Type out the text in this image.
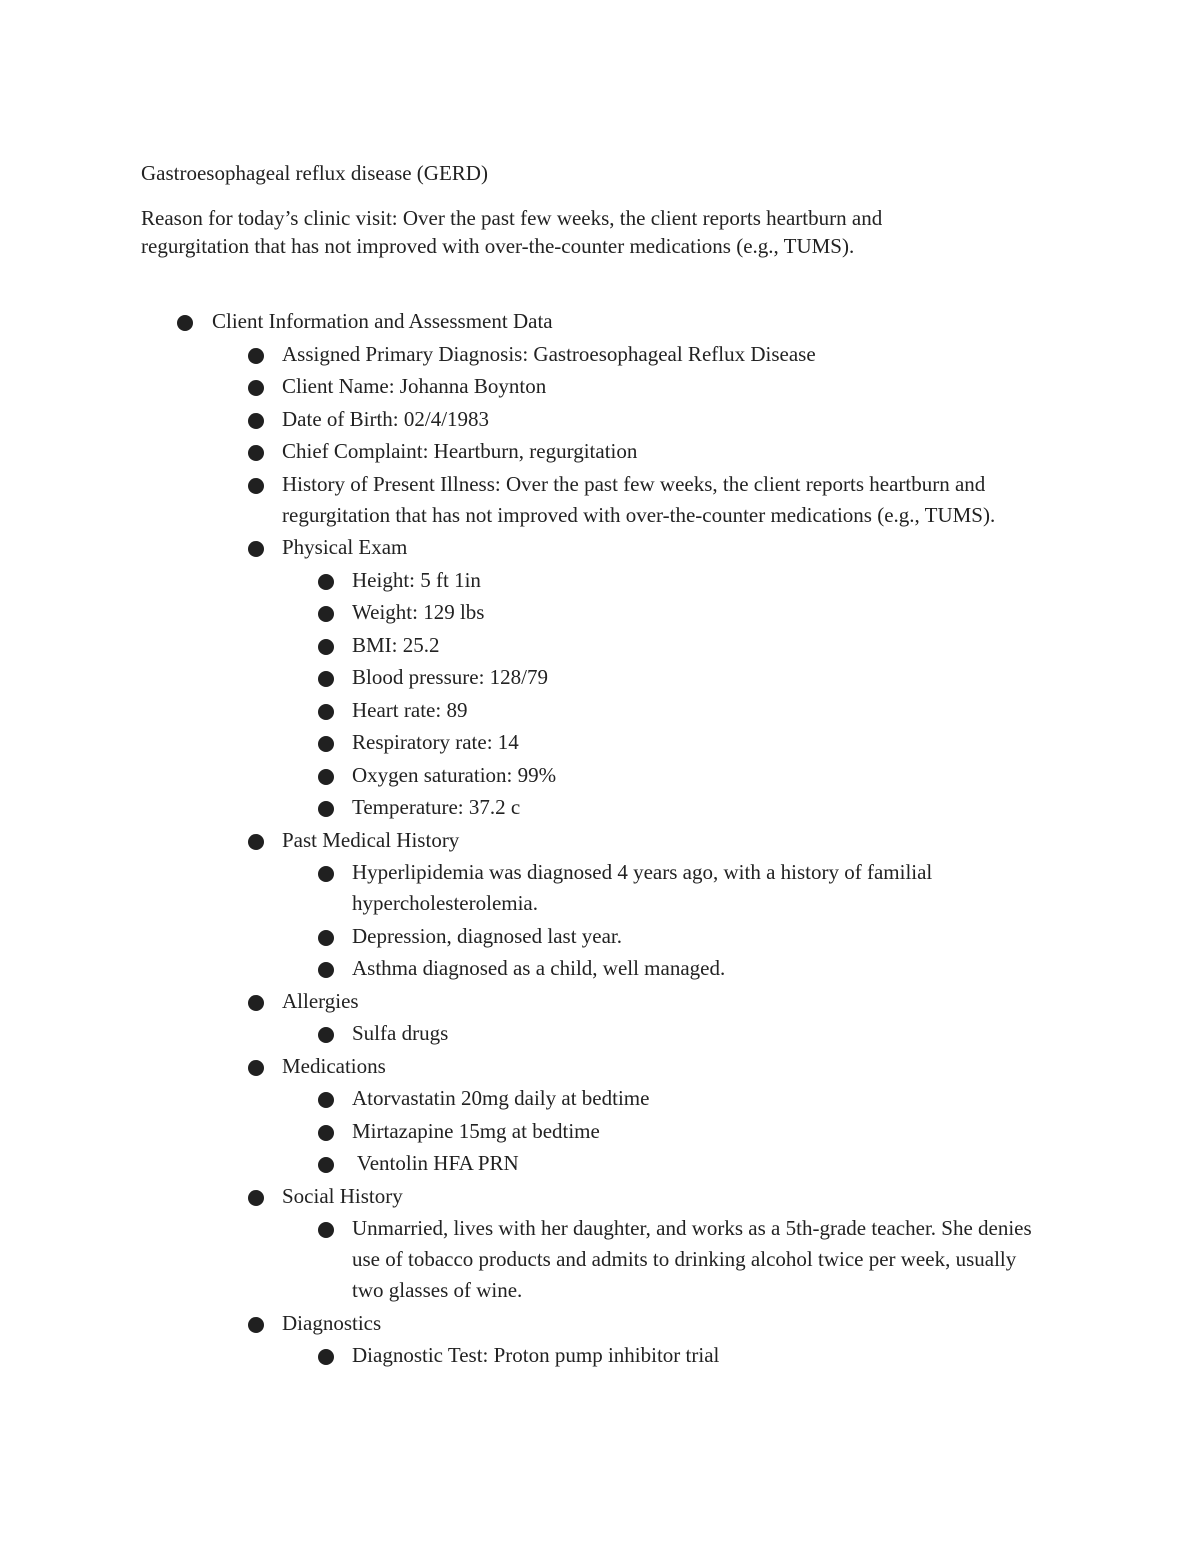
Gastroesophageal reflux disease (GERD)
Reason for today’s clinic visit: Over the past few weeks, the client reports heartburn and
regurgitation that has not improved with over-the-counter medications (e.g., TUMS).
Client Information and Assessment Data
Assigned Primary Diagnosis: Gastroesophageal Reflux Disease
Client Name: Johanna Boynton
Date of Birth: 02/4/1983
Chief Complaint: Heartburn, regurgitation
History of Present Illness: Over the past few weeks, the client reports heartburn and regurgitation that has not improved with over-the-counter medications (e.g., TUMS).
Physical Exam
Height: 5 ft 1in
Weight: 129 lbs
BMI: 25.2
Blood pressure: 128/79
Heart rate: 89
Respiratory rate: 14
Oxygen saturation: 99%
Temperature: 37.2 c
Past Medical History
Hyperlipidemia was diagnosed 4 years ago, with a history of familial hypercholesterolemia.
Depression, diagnosed last year.
Asthma diagnosed as a child, well managed.
Allergies
Sulfa drugs
Medications
Atorvastatin 20mg daily at bedtime
Mirtazapine 15mg at bedtime
Ventolin HFA PRN
Social History
Unmarried, lives with her daughter, and works as a 5th-grade teacher. She denies use of tobacco products and admits to drinking alcohol twice per week, usually two glasses of wine.
Diagnostics
Diagnostic Test: Proton pump inhibitor trial
